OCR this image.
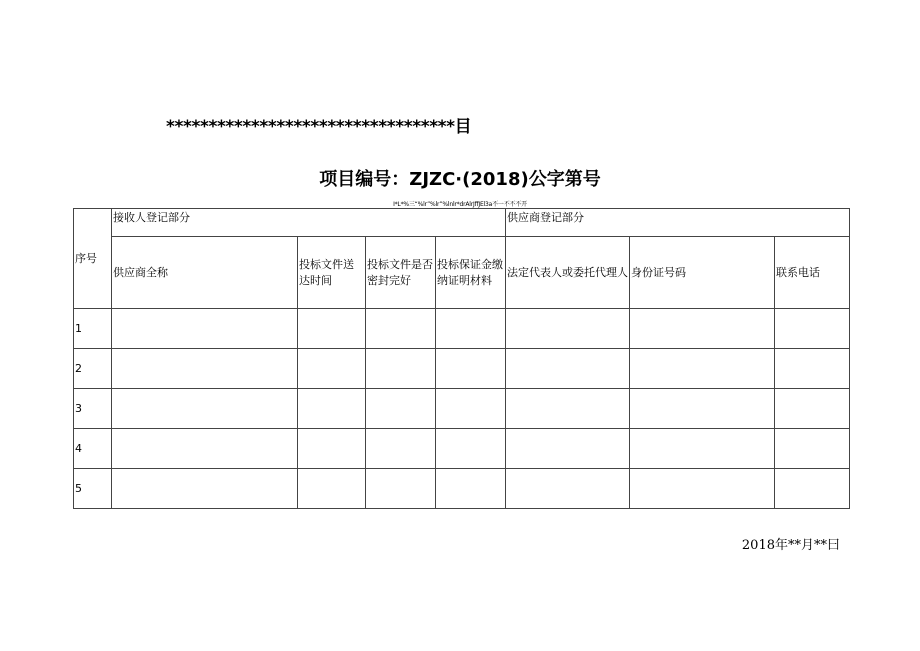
**********************************目
项目编号：ZJZC·(2018)公字第号
I*L*%三“%lr”%lr”%lnlr*drAlrJffJEl3a不一不不不开
序号	接收人登记部分				供应商登记部分		
	供应商全称	投标文件送达时间	投标文件是否密封完好	投标保证金缴纳证明材料	法定代表人或委托代理人	身份证号码	联系电话
1							
2							
3							
4							
5							
2018年**月**曰
